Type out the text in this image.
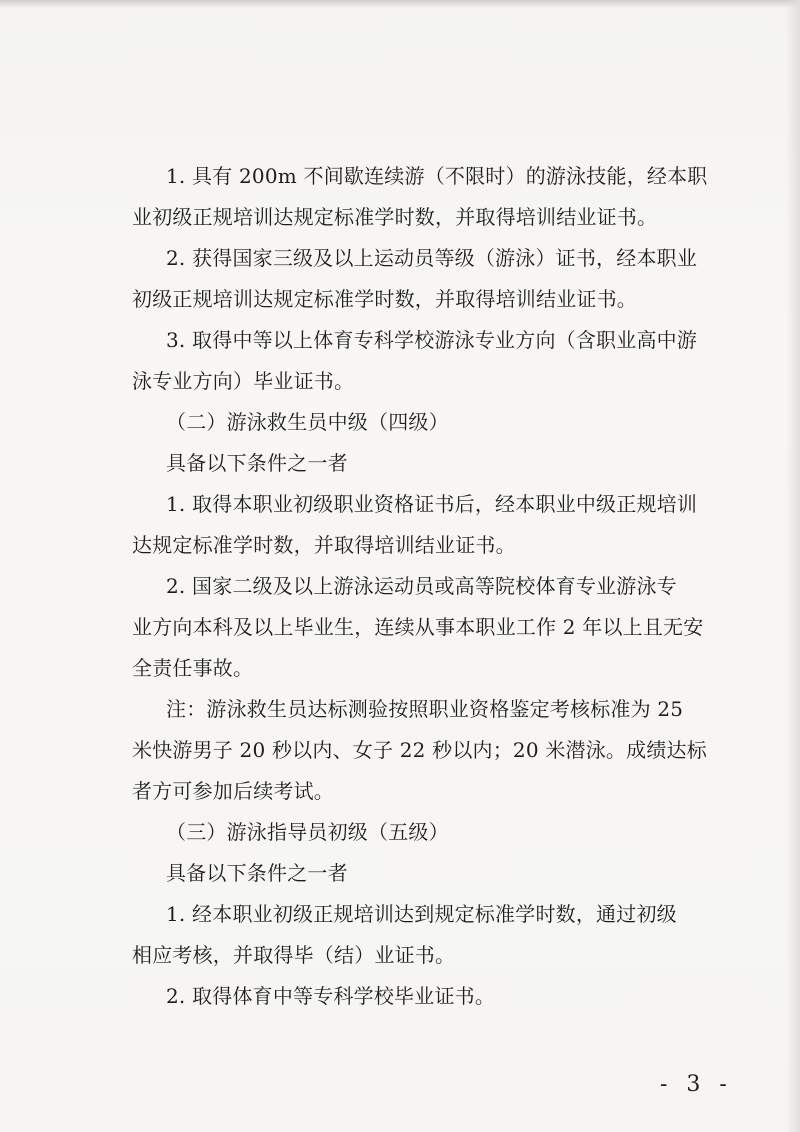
1. 具有 200m 不间歇连续游（不限时）的游泳技能，经本职
业初级正规培训达规定标准学时数，并取得培训结业证书。
2. 获得国家三级及以上运动员等级（游泳）证书，经本职业
初级正规培训达规定标准学时数，并取得培训结业证书。
3. 取得中等以上体育专科学校游泳专业方向（含职业高中游
泳专业方向）毕业证书。
（二）游泳救生员中级（四级）
具备以下条件之一者
1. 取得本职业初级职业资格证书后，经本职业中级正规培训
达规定标准学时数，并取得培训结业证书。
2. 国家二级及以上游泳运动员或高等院校体育专业游泳专
业方向本科及以上毕业生，连续从事本职业工作 2 年以上且无安
全责任事故。
注：游泳救生员达标测验按照职业资格鉴定考核标准为 25
米快游男子 20 秒以内、女子 22 秒以内；20 米潜泳。成绩达标
者方可参加后续考试。
（三）游泳指导员初级（五级）
具备以下条件之一者
1. 经本职业初级正规培训达到规定标准学时数，通过初级
相应考核，并取得毕（结）业证书。
2. 取得体育中等专科学校毕业证书。
- 3 -
